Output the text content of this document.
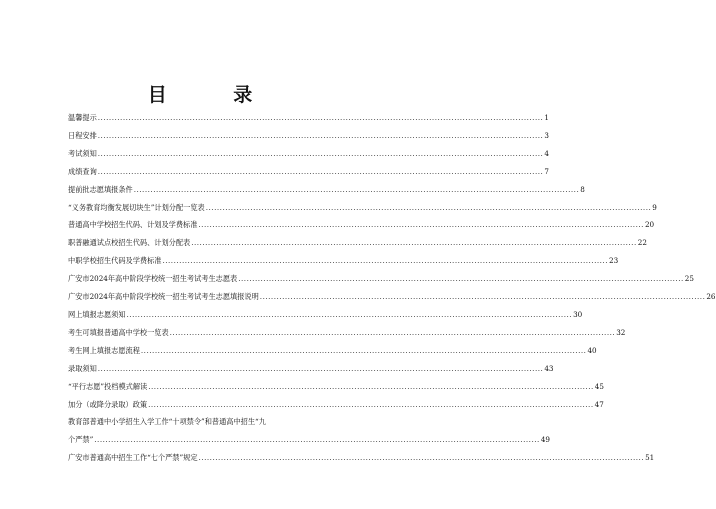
目 录
温馨提示 ................................................................................................................................................................ 1
日程安排 ................................................................................................................................................................ 3
考试须知 ................................................................................................................................................................ 4
成绩查询 ................................................................................................................................................................ 7
提前批志愿填报条件 ................................................................................................................................................................ 8
“义务教育均衡发展切块生”计划分配一览表 ................................................................................................................................................................ 9
普通高中学校招生代码、计划及学费标准 ................................................................................................................................................................ 20
职普融通试点校招生代码、计划分配表 ................................................................................................................................................................ 22
中职学校招生代码及学费标准 ................................................................................................................................................................ 23
广安市2024年高中阶段学校统一招生考试考生志愿表 ................................................................................................................................................................ 25
广安市2024年高中阶段学校统一招生考试考生志愿填报说明 ................................................................................................................................................................ 26
网上填报志愿须知 ................................................................................................................................................................ 30
考生可填报普通高中学校一览表 ................................................................................................................................................................ 32
考生网上填报志愿流程 ................................................................................................................................................................ 40
录取须知 ................................................................................................................................................................ 43
“平行志愿”投档模式解读 ................................................................................................................................................................ 45
加分（或降分录取）政策 ................................................................................................................................................................ 47
教育部普通中小学招生入学工作“十项禁令”和普通高中招生“九
个严禁” ................................................................................................................................................................ 49
广安市普通高中招生工作“七个严禁”规定 ................................................................................................................................................................ 51
